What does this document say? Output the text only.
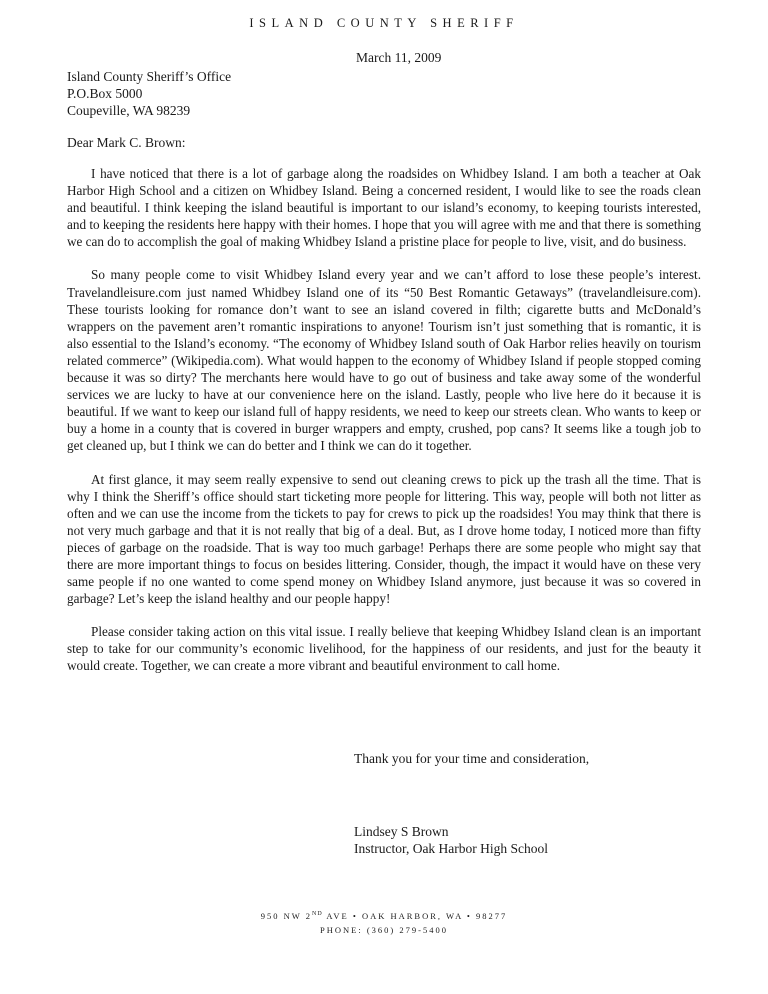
ISLAND COUNTY SHERIFF
March 11, 2009
Island County Sheriff’s Office
P.O.Box 5000
Coupeville, WA 98239
Dear Mark C. Brown:

I have noticed that there is a lot of garbage along the roadsides on Whidbey Island. I am both a teacher at Oak Harbor High School and a citizen on Whidbey Island. Being a concerned resident, I would like to see the roads clean and beautiful. I think keeping the island beautiful is important to our island’s economy, to keeping tourists interested, and to keeping the residents here happy with their homes. I hope that you will agree with me and that there is something we can do to accomplish the goal of making Whidbey Island a pristine place for people to live, visit, and do business.

So many people come to visit Whidbey Island every year and we can’t afford to lose these people’s interest. Travelandleisure.com just named Whidbey Island one of its “50 Best Romantic Getaways” (travelandleisure.com). These tourists looking for romance don’t want to see an island covered in filth; cigarette butts and McDonald’s wrappers on the pavement aren’t romantic inspirations to anyone! Tourism isn’t just something that is romantic, it is also essential to the Island’s economy. “The economy of Whidbey Island south of Oak Harbor relies heavily on tourism related commerce” (Wikipedia.com). What would happen to the economy of Whidbey Island if people stopped coming because it was so dirty? The merchants here would have to go out of business and take away some of the wonderful services we are lucky to have at our convenience here on the island. Lastly, people who live here do it because it is beautiful. If we want to keep our island full of happy residents, we need to keep our streets clean. Who wants to keep or buy a home in a county that is covered in burger wrappers and empty, crushed, pop cans? It seems like a tough job to get cleaned up, but I think we can do better and I think we can do it together.

At first glance, it may seem really expensive to send out cleaning crews to pick up the trash all the time. That is why I think the Sheriff’s office should start ticketing more people for littering. This way, people will both not litter as often and we can use the income from the tickets to pay for crews to pick up the roadsides! You may think that there is not very much garbage and that it is not really that big of a deal. But, as I drove home today, I noticed more than fifty pieces of garbage on the roadside. That is way too much garbage! Perhaps there are some people who might say that there are more important things to focus on besides littering. Consider, though, the impact it would have on these very same people if no one wanted to come spend money on Whidbey Island anymore, just because it was so covered in garbage? Let’s keep the island healthy and our people happy!

Please consider taking action on this vital issue. I really believe that keeping Whidbey Island clean is an important step to take for our community’s economic livelihood, for the happiness of our residents, and just for the beauty it would create. Together, we can create a more vibrant and beautiful environment to call home.

Thank you for your time and consideration,
Lindsey S Brown
Instructor, Oak Harbor High School
950 NW 2ND AVE • OAK HARBOR, WA • 98277
PHONE: (360) 279-5400
